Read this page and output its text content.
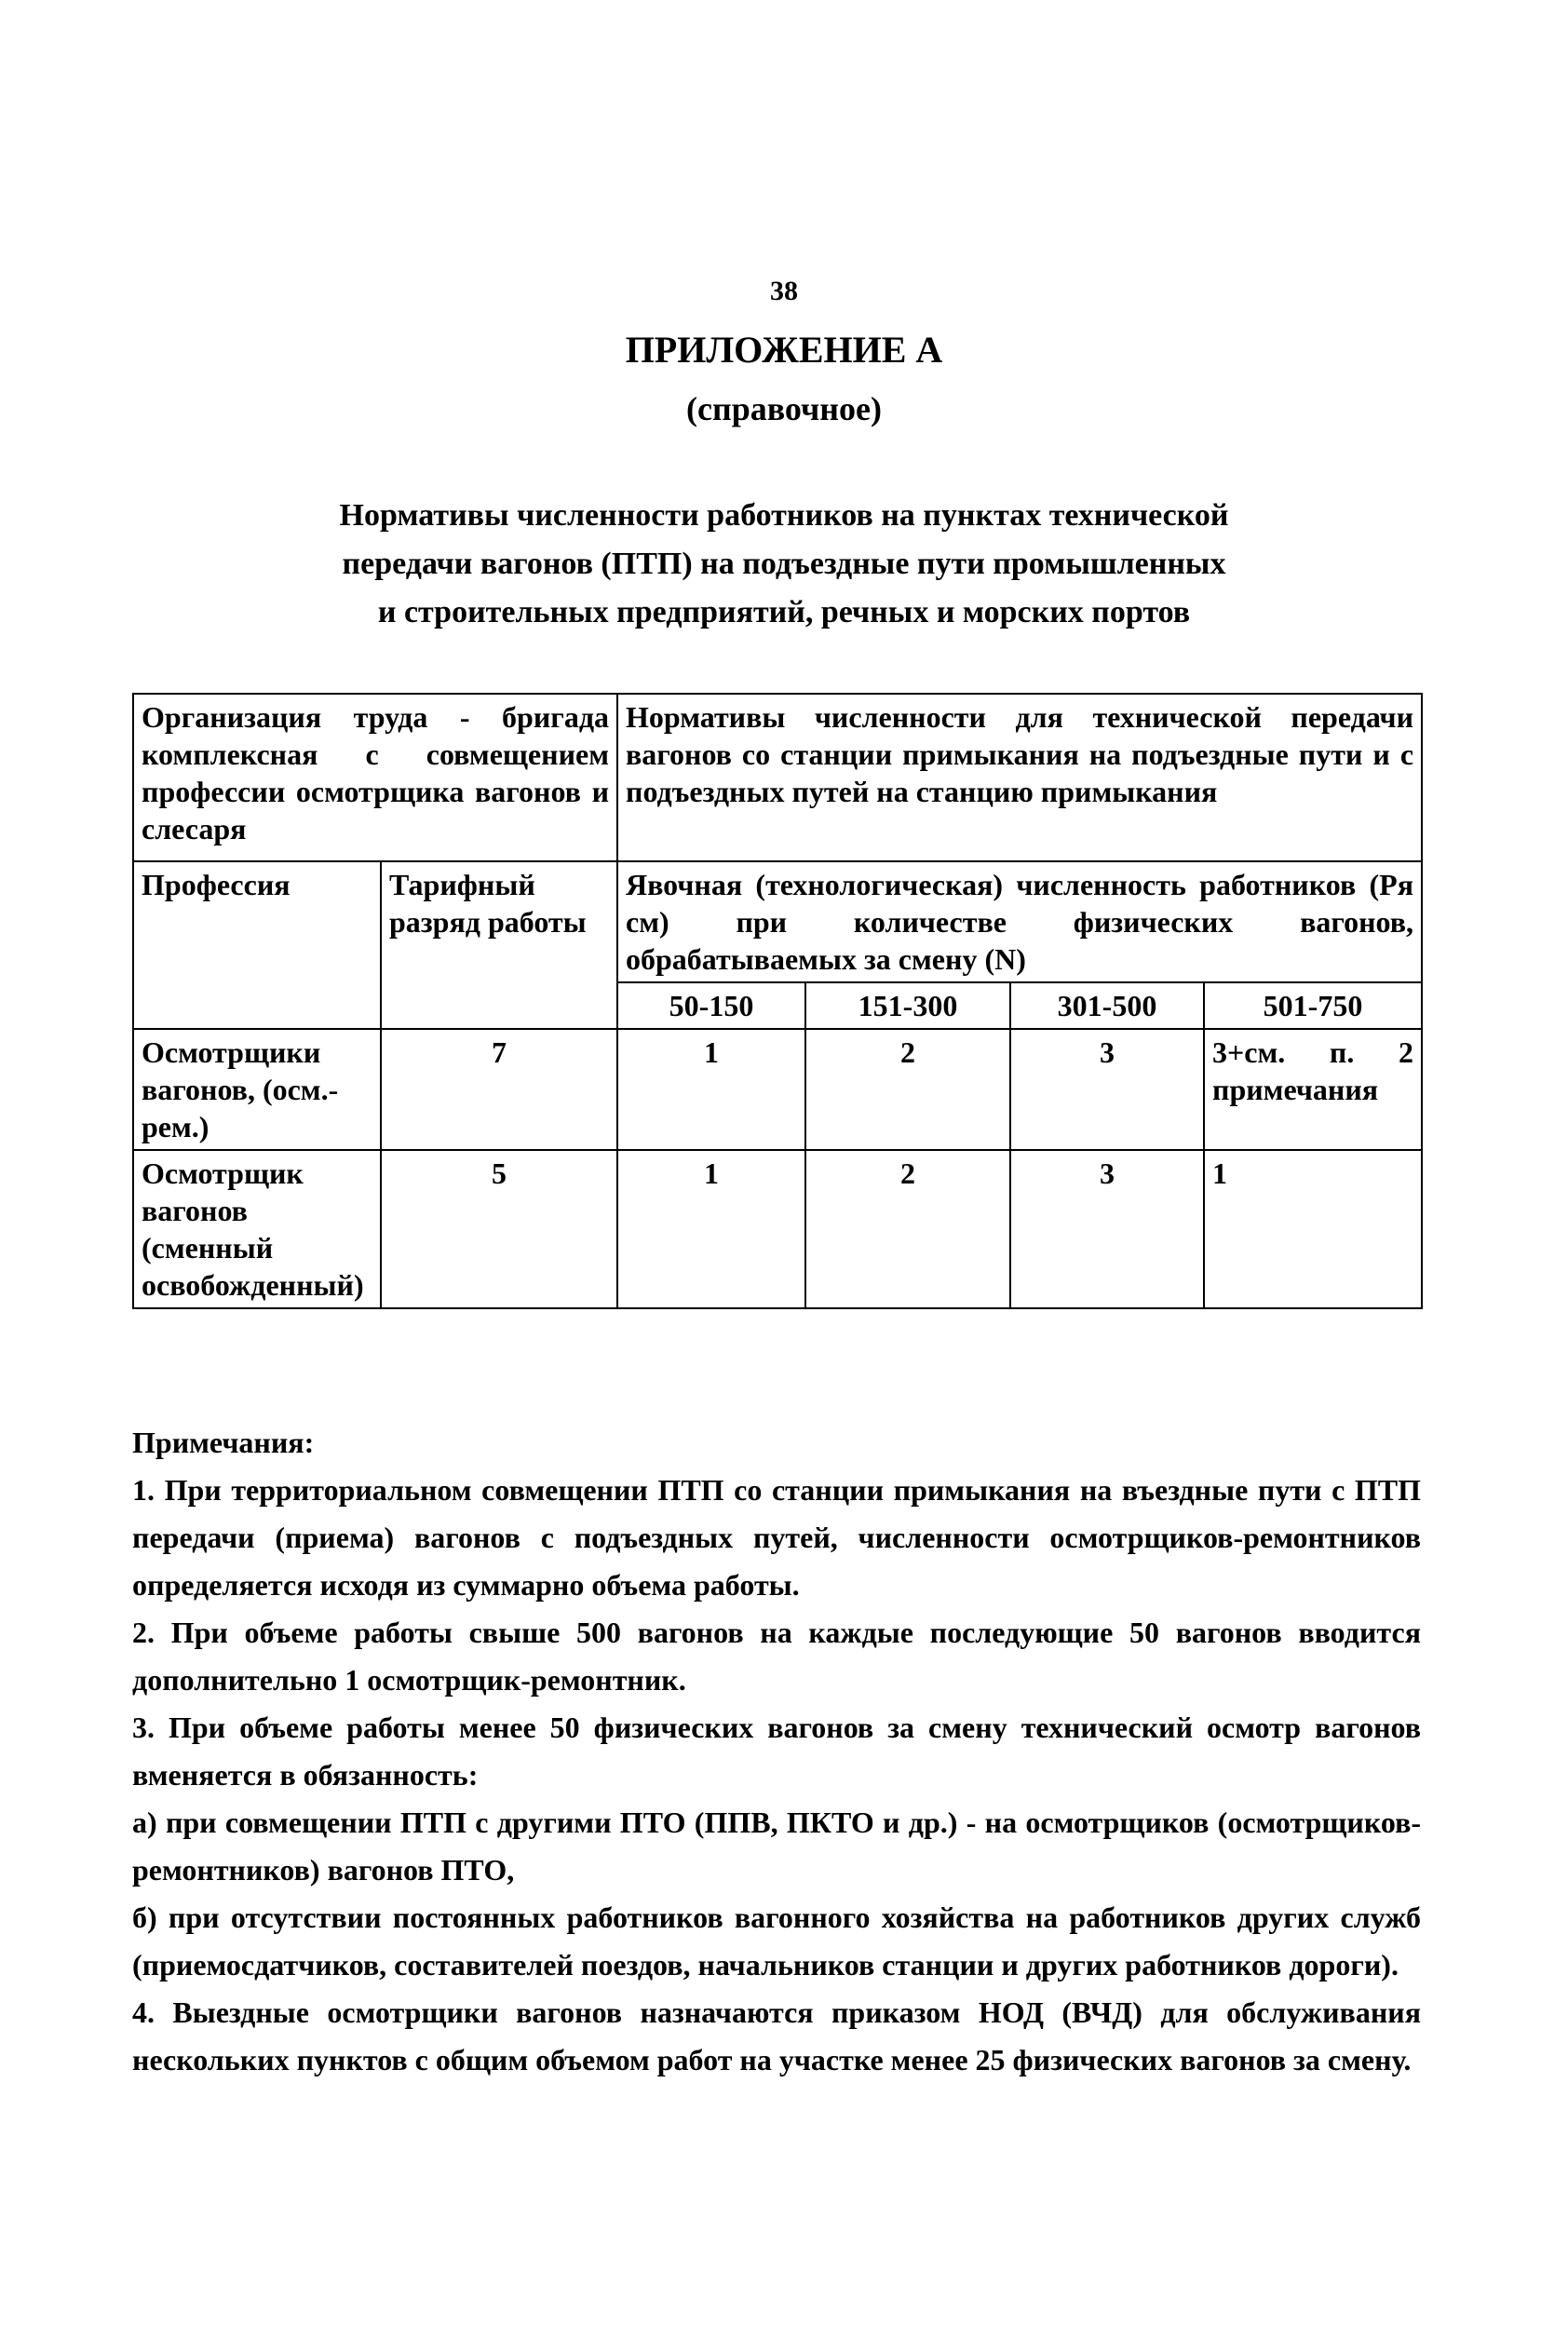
38
ПРИЛОЖЕНИЕ А
(справочное)
Нормативы численности работников на пунктах технической
передачи вагонов (ПТП) на подъездные пути промышленных
и строительных предприятий, речных и морских портов
Организация труда - бригада комплексная с совмещением профессии осмотрщика вагонов и слесаря		Нормативы численности для технической передачи вагонов со станции примыкания на подъездные пути и с подъездных путей на станцию примыкания			
Профессия	Тарифный разряд работы	Явочная (технологическая) численность работников (Pя см) при количестве физических вагонов, обрабатываемых за смену (N)			
		50-150	151-300	301-500	501-750
Осмотрщики вагонов, (осм.-рем.)	7	1	2	3	3+см. п. 2 примечания
Осмотрщик вагонов (сменный освобожденный)	5	1	2	3	1

Примечания:

1. При территориальном совмещении ПТП со станции примыкания на въездные пути с ПТП передачи (приема) вагонов с подъездных путей, численности осмотрщиков-ремонтников определяется исходя из суммарно объема работы.

2. При объеме работы свыше 500 вагонов на каждые последующие 50 вагонов вводится дополнительно 1 осмотрщик-ремонтник.

3. При объеме работы менее 50 физических вагонов за смену технический осмотр вагонов вменяется в обязанность:

а) при совмещении ПТП с другими ПТО (ППВ, ПКТО и др.) - на осмотрщиков (осмотрщиков-ремонтников) вагонов ПТО,

б) при отсутствии постоянных работников вагонного хозяйства на работников других служб (приемосдатчиков, составителей поездов, начальников станции и других работников дороги).

4. Выездные осмотрщики вагонов назначаются приказом НОД (ВЧД) для обслуживания нескольких пунктов с общим объемом работ на участке менее 25 физических вагонов за смену.
